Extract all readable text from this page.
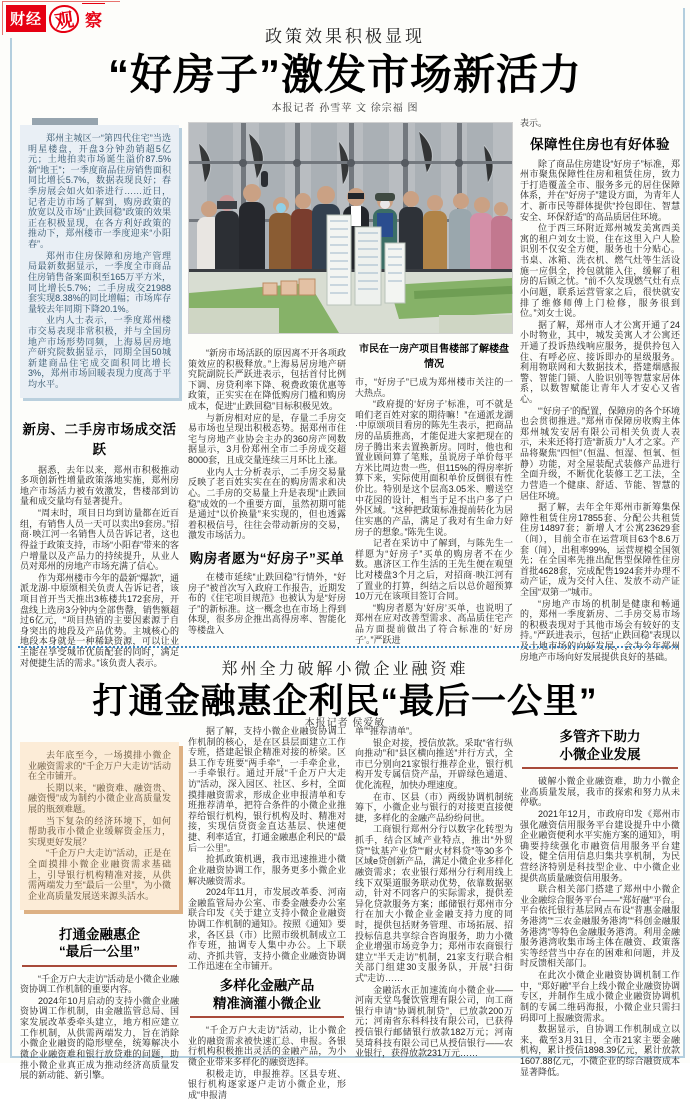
财经 观 察
政策效果积极显现
“好房子”激发市场新活力
本报记者 孙雪苹 文 徐宗福 图

郑州主城区一“第四代住宅”当选明星楼盘，开盘3分钟劲销超5亿元；土地拍卖市场诞生溢价87.5%新“地王”；一季度商品住房销售面积同比增长5.7%，数据表现良好；春季房展会如火如荼进行……近日，记者走访市场了解到，购房政策的放宽以及市场“止跌回稳”政策的效果正在积极显现，在各方利好政策的推动下，郑州楼市一季度迎来“小阳春”。

郑州市住房保障和房地产管理局最新数据显示，一季度全市商品住房销售备案面积至165万平方米，同比增长5.7%；二手房成交21988套实现8.38%的同比增幅；市场库存量较去年同期下降20.1%。

业内人士表示，一季度郑州楼市交易表现非常积极，并与全国房地产市场形势同频，上海易居房地产研究院数据显示，同期全国50城新建商品住宅成交面积同比增长3%，郑州市场回暖表现力度高于平均水平。

新房、二手房市场成交活跃

据悉，去年以来，郑州市积极推动多项创新性增量政策落地实施，郑州房地产市场活力被有效激发，售楼部到访量和成交量均有显著提升。

“周末时，项目日均到访量都在近百组，有销售人员一天可以卖出9套房。”招商·映江河一名销售人员告诉记者，这也得益于政策支持，市场“小阳春”带来的客户增量以及产品力的持续提升，从业人员对郑州的房地产市场充满了信心。

作为郑州楼市今年的最新“爆款”，通派龙湖·中原颂相关负责人告诉记者，该项目首开当天推出3栋楼共172套房，开盘线上选房3分钟内全部售罄，销售额超过6亿元，“项目热销的主要因素源于自身突出的地段及产品优势。主城核心的地段本身就是一种稀缺资源，可以让业主能在享受城市优质配套的同时，满足对便捷生活的需求。”该负责人表示。

“新房市场活跃的原因离不开各项政策效应的积极释放。”上海易居房地产研究院副院长严跃进表示，包括首付比例下调、房贷利率下降、税费政策优惠等政策，正实实在在降低购房门槛和购房成本，促进“止跌回稳”目标积极见效。

与新房相对应的是，存量二手房交易市场也呈现出积极态势。据郑州市住宅与房地产业协会主办的360房产网数据显示，3月份郑州全市二手房成交超8000套，且成交量连续三月环比上涨。

业内人士分析表示，二手房交易量反映了老百姓实实在在的购房需求和决心。二手房的交易量上升是表现“止跌回稳”成效的一个重要方面，虽然初期可能是通过“以价换量”来实现的，但也透露着积极信号，往往会带动新房的交易，激发市场活力。

购房者愿为“好房子”买单

在楼市延续“止跌回稳”行情外，“好房子”被首次写入政府工作报告，近期发布的《住宅项目规范》也被认为是“好房子”的新标准。这一概念也在市场上得到体现，很多房企推出高得房率、智能化等楼盘入

市民在一房产项目售楼部了解楼盘情况

市，“好房子”已成为郑州楼市关注的一大热点。

“政府提的‘好房子’标准，可不就是咱们老百姓对家的期待嘛！”在通派龙湖·中原颂项目看房的陈先生表示，把商品房的品质推高，才能促进大家把现在的房子腾出来去置换新房。同时，他也和置业顾问算了笔账，虽说房子单价每平方米比周边贵一些，但115%的得房率折算下来，实际使用面积单价反倒很有性价比。特别是这个层高3.05米、赠送空中花园的设计，相当于足不出户多了户外区域。“这种把政策标准提前转化为居住实惠的产品，满足了我对有生命力好房子的想象。”陈先生说。

记者在采访中了解到，与陈先生一样愿为“好房子”买单的购房者不在少数。惠济区工作生活的王先生便在观望比对楼盘3个月之后，对招商·映江河有了置业的打算，纠结之后以总价超预算10万元在该项目签订合同。

“购房者愿为‘好房’买单，也说明了郑州在应对改善型需求、高品质住宅产品方面提前做出了符合标准的‘好房子’。”严跃进

表示。

保障性住房也有好体验

除了商品住房建设“好房子”标准，郑州市聚焦保障性住房和租赁住房，致力于打造覆盖全市、服务多元的居住保障体系，并在“好房子”建设方面，为青年人才、新市民等群体提供“拎包即住、智慧安全、环保舒适”的高品质居住环境。

位于西三环附近郑州城发美寓西美寓的租户刘女士说，住在这里入户人脸识别不仅安全方便，服务也十分贴心。书桌、冰箱、洗衣机、燃气灶等生活设施一应俱全，拎包就能入住，缓解了租房的后顾之忧。“前不久发现燃气灶有点小问题，联系运营管家之后，很快就安排了维修师傅上门检修，服务很到位。”刘女士说。

据了解，郑州市人才公寓开通了24小时物业，其中，城发美寓人才公寓还开通了投诉热线响应服务，提供拎包入住、有呼必应、接诉即办的星级服务。利用物联网和大数据技术，搭建烟感报警、智能门锁、人脸识别等智慧家居体系，以数智赋能让青年人才安心又省心。

“‘好房子’的配置，保障房的各个环境也会贯彻推进。”郑州市保障房收购主体郑州城发安居有限公司相关负责人表示，未来还将打造“新质力”人才之家。产品将聚焦“四恒”（恒温、恒湿、恒氧、恒静）功能，对全屋装配式装修产品进行全面升级，不断优化装修工艺工法，全力营造一个健康、舒适、节能、智慧的居住环境。

据了解，去年全年郑州市新筹集保障性租赁住房17855套、分配公共租赁住房14897套；新增人才公寓23629套（间），目前全市在运营项目63个8.6万套（间），出租率99%，运营规模全国领先；在全国率先推出配售型保障性住房首批4628套，完成配售1924套并办理不动产证，成为交付入住、发放不动产证全国“双第一”城市。

“房地产市场的机制是健康和畅通的，郑州一季度新房、二手房交易市场的积极表现对于其他市场会有较好的支持。”严跃进表示，包括“止跌回稳”表现以及土地市场的向好发展，会为今年郑州房地产市场向好发展提供良好的基础。

郑州全力破解小微企业融资难
打通金融惠企利民“最后一公里”
本报记者 侯爱敏

去年底至今，一场摸排小微企业融资需求的“千企万户大走访”活动在全市铺开。

长期以来，“融资难、融资贵、融资慢”成为制约小微企业高质量发展的瓶颈难题。

当下复杂的经济环境下，如何帮助我市小微企业缓解资金压力，实现更好发展？

“千企万户大走访”活动，正是在全面摸排小微企业融资需求基础上，引导银行机构精准对接，从供需两端发力至“最后一公里”，为小微企业高质量发展送来源头活水。

打通金融惠企
“最后一公里”

“千企万户大走访”活动是小微企业融资协调工作机制的重要内容。

2024年10月启动的支持小微企业融资协调工作机制，由金融监管总局、国家发展改革委牵头建立，地方相应建立工作机制，从供需两端发力，旨在消除小微企业融资的隐形壁垒，统筹解决小微企业融资难和银行放贷难的问题，助推小微企业真正成为推动经济高质量发展的新动能、新引擎。

据了解，支持小微企业融资协调工作机制的核心，是在区县层面建立工作专班，搭建起银企精准对接的桥梁。区县工作专班要“两手牵”，一手牵企业，一手牵银行。通过开展“千企万户大走访”活动，深入园区、社区、乡村，全面摸排融资需求，形成企业申报清单和专班推荐清单，把符合条件的小微企业推荐给银行机构，银行机构及时、精准对接，实现信贷资金直达基层、快速便捷、利率适宜，打通金融惠企利民的“最后一公里”。

抢抓政策机遇，我市迅速推进小微企业融资协调工作，服务更多小微企业解决融资需求。

2024年11月，市发展改革委、河南金融监管局办公室、市委金融委办公室联合印发《关于建立支持小微企业融资协调工作机制的通知》。按照《通知》要求，各区县（市）比照市级机制成立工作专班，抽调专人集中办公。上下联动、齐抓共管，支持小微企业融资协调工作迅速在全市铺开。

多样化金融产品
精准滴灌小微企业

“千企万户大走访”活动，让小微企业的融资需求被快速汇总、申报。各银行机构积极推出灵活的金融产品，为小微企业带来多样化的融资选择。

积极走访，申报推荐。区县专班、银行机构逐家逐户走访小微企业，形成“申报清

单”“推荐清单”。

银企对接，授信放款。采取“省行纵向推动”和“县区横向推送”并行方式，全市已分别向21家银行推荐企业，银行机构开发专属信贷产品，开辟绿色通道、优化流程，加快办理速度。

在市、区县（市）两级协调机制统筹下，小微企业与银行的对接更直接便捷，多样化的金融产品纷纷问世。

工商银行郑州分行以数字化转型为抓手，结合区域产业特点，推出“外贸贷”“钛基产业贷”“耐火材料贷”等30多个区域e贷创新产品，满足小微企业多样化融资需求；农业银行郑州分行利用线上线下双渠道服务联动优势，依靠数据驱动，针对不同客户的实际需求，提供差异化贷款服务方案；邮储银行郑州市分行在加大小微企业金融支持力度的同时，提供包括财务管理、市场拓展、招投标信息共享综合咨询服务，助力小微企业增强市场竞争力；郑州市农商银行建立“半天走访”机制，21家支行联合相关部门组建30支服务队，开展“扫街式”走访……

金融活水正加速流向小微企业——河南天堂鸟餐饮管理有限公司，向工商银行申请“协调机制贷”，已放款200万元；河南省东科科技有限公司，已获得授信银行邮储银行放款182万元；河南昊琦科技有限公司已从授信银行——农业银行，获得放款231万元……

多管齐下助力
小微企业发展

破解小微企业融资难，助力小微企业高质量发展，我市的探索和努力从未停歇。

2021年12月，市政府印发《郑州市强化融资信用服务平台建设提升中小微企业融资便利水平实施方案的通知》，明确要持续强化市融资信用服务平台建设，健全信用信息归集共享机制，为民营经济特别是科技型企业、中小微企业提供高质量融资信用服务。

联合相关部门搭建了郑州中小微企业金融综合服务平台——“郑好融”平台。平台依托银行基层网点布设“普惠金融服务港湾”“三农金融服务港湾”“科创金融服务港湾”等特色金融服务港湾。利用金融服务港湾收集市场主体在融资、政策落实等经营当中存在的困难和问题，并及时反馈相关部门。

在此次小微企业融资协调机制工作中，“郑好融”平台上线小微企业融资协调专区，并制作生成小微企业融资协调机制的专属二维码海报，小微企业只需扫码即可上报融资需求。

数据显示，自协调工作机制成立以来，截至3月31日，全市21家主要金融机构，累计授信1898.39亿元，累计放款1607.88亿元，小微企业的综合融资成本显著降低。
